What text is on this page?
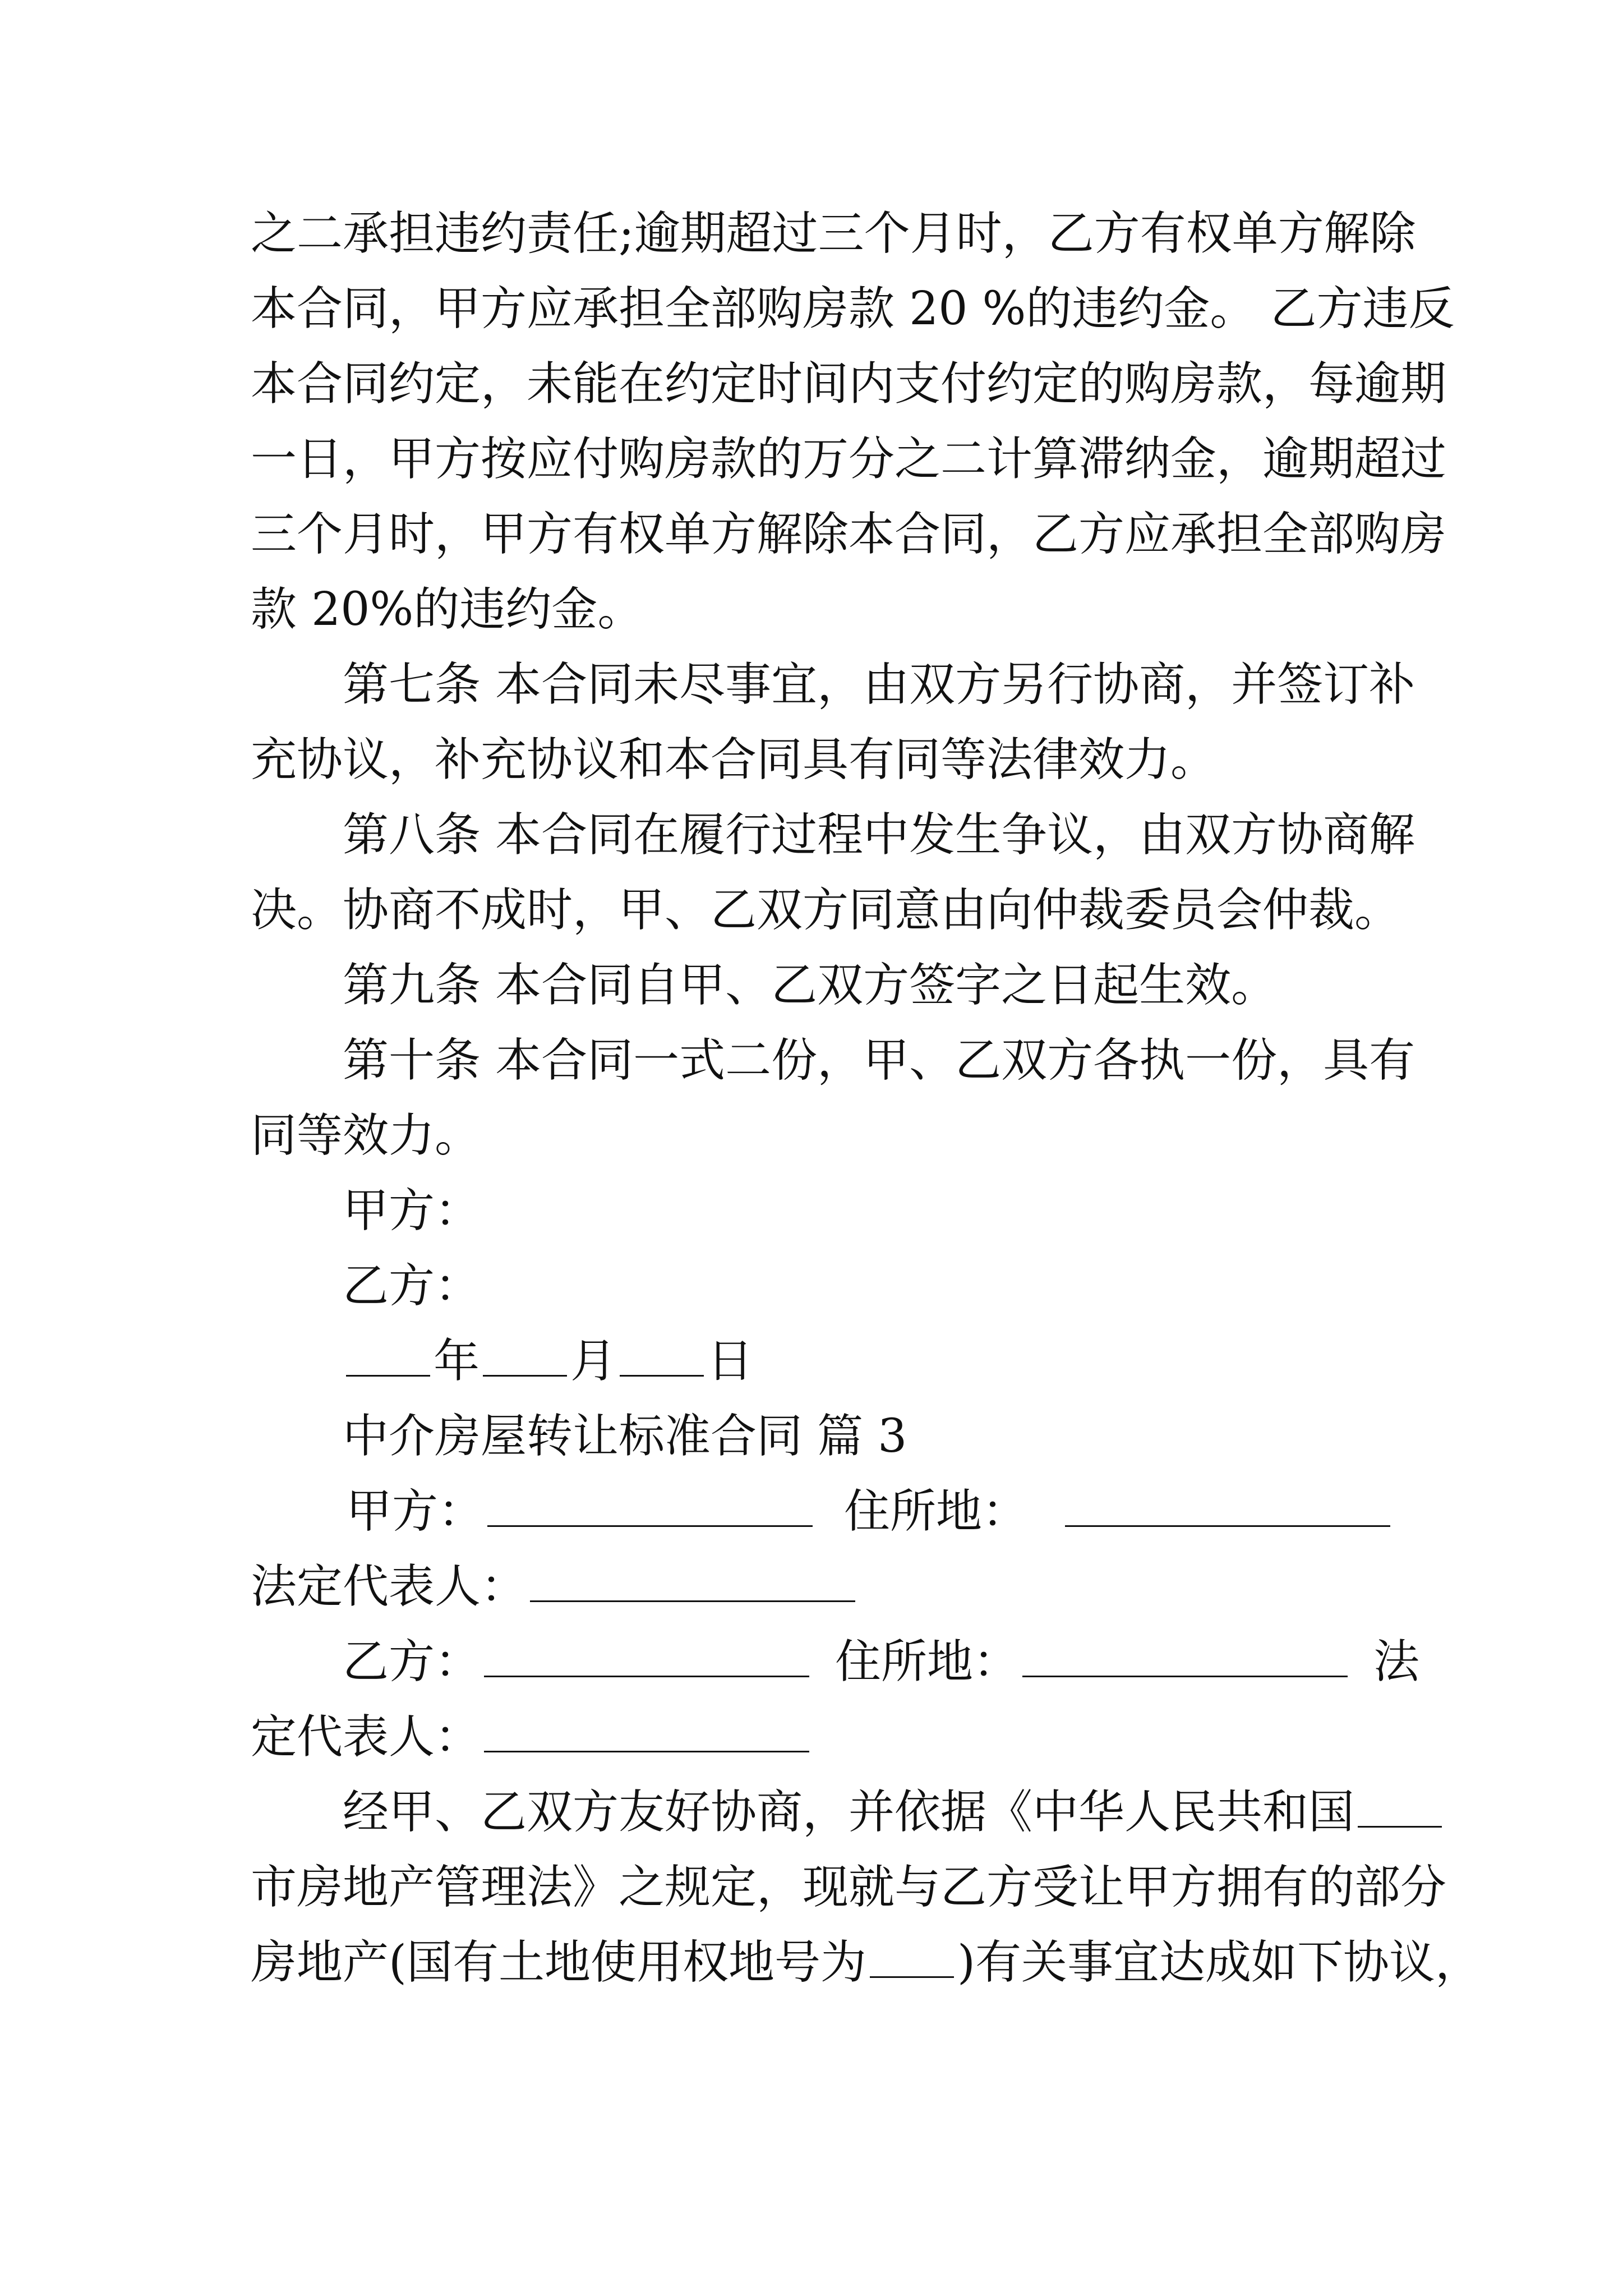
之二承担违约责任;逾期超过三个月时，乙方有权单方解除
本合同，甲方应承担全部购房款 20 %的违约金。 乙方违反
本合同约定，未能在约定时间内支付约定的购房款，每逾期
一日，甲方按应付购房款的万分之二计算滞纳金，逾期超过
三个月时，甲方有权单方解除本合同，乙方应承担全部购房
款 20%的违约金。
第七条 本合同未尽事宜，由双方另行协商，并签订补
充协议，补充协议和本合同具有同等法律效力。
第八条 本合同在履行过程中发生争议，由双方协商解
决。协商不成时，甲、乙双方同意由向仲裁委员会仲裁。
第九条 本合同自甲、乙双方签字之日起生效。
第十条 本合同一式二份，甲、乙双方各执一份，具有
同等效力。
甲方：
乙方：
年 月 日
中介房屋转让标准合同 篇 3
甲方：	住所地：
法定代表人：
乙方：	住所地：	法
定代表人：
经甲、乙双方友好协商，并依据《中华人民共和国
市房地产管理法》之规定，现就与乙方受让甲方拥有的部分
房地产(国有土地使用权地号为 )有关事宜达成如下协议，
